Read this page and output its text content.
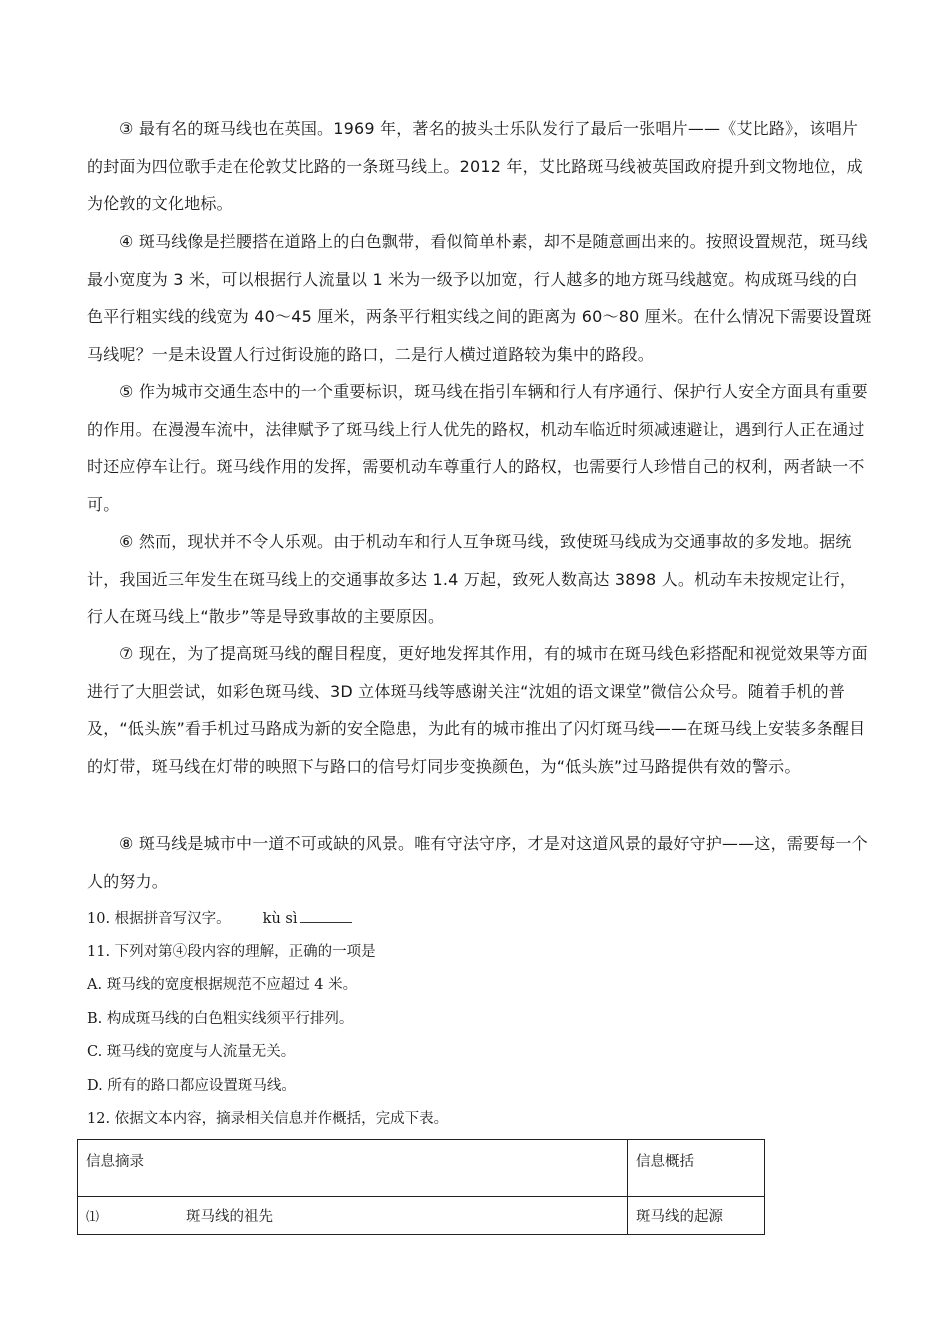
③ 最有名的斑马线也在英国。1969 年，著名的披头士乐队发行了最后一张唱片——《艾比路》，该唱片的封面为四位歌手走在伦敦艾比路的一条斑马线上。2012 年，艾比路斑马线被英国政府提升到文物地位，成为伦敦的文化地标。

④ 斑马线像是拦腰搭在道路上的白色飘带，看似简单朴素，却不是随意画出来的。按照设置规范，斑马线最小宽度为 3 米，可以根据行人流量以 1 米为一级予以加宽，行人越多的地方斑马线越宽。构成斑马线的白色平行粗实线的线宽为 40～45 厘米，两条平行粗实线之间的距离为 60～80 厘米。在什么情况下需要设置斑马线呢？一是未设置人行过街设施的路口，二是行人横过道路较为集中的路段。

⑤ 作为城市交通生态中的一个重要标识，斑马线在指引车辆和行人有序通行、保护行人安全方面具有重要的作用。在漫漫车流中，法律赋予了斑马线上行人优先的路权，机动车临近时须减速避让，遇到行人正在通过时还应停车让行。斑马线作用的发挥，需要机动车尊重行人的路权，也需要行人珍惜自己的权利，两者缺一不可。

⑥ 然而，现状并不令人乐观。由于机动车和行人互争斑马线，致使斑马线成为交通事故的多发地。据统计，我国近三年发生在斑马线上的交通事故多达 1.4 万起，致死人数高达 3898 人。机动车未按规定让行，行人在斑马线上“散步”等是导致事故的主要原因。

⑦ 现在，为了提高斑马线的醒目程度，更好地发挥其作用，有的城市在斑马线色彩搭配和视觉效果等方面进行了大胆尝试，如彩色斑马线、3D 立体斑马线等感谢关注“沈姐的语文课堂”微信公众号。随着手机的普及，“低头族”看手机过马路成为新的安全隐患，为此有的城市推出了闪灯斑马线——在斑马线上安装多条醒目的灯带，斑马线在灯带的映照下与路口的信号灯同步变换颜色，为“低头族”过马路提供有效的警示。

⑧ 斑马线是城市中一道不可或缺的风景。唯有守法守序，才是对这道风景的最好守护——这，需要每一个人的努力。

10. 根据拼音写汉字。 kù sì
11. 下列对第④段内容的理解，正确的一项是
A. 斑马线的宽度根据规范不应超过 4 米。
B. 构成斑马线的白色粗实线须平行排列。
C. 斑马线的宽度与人流量无关。
D. 所有的路口都应设置斑马线。
12. 依据文本内容，摘录相关信息并作概括，完成下表。
信息摘录	信息概括
⑴ 斑马线的祖先	斑马线的起源
